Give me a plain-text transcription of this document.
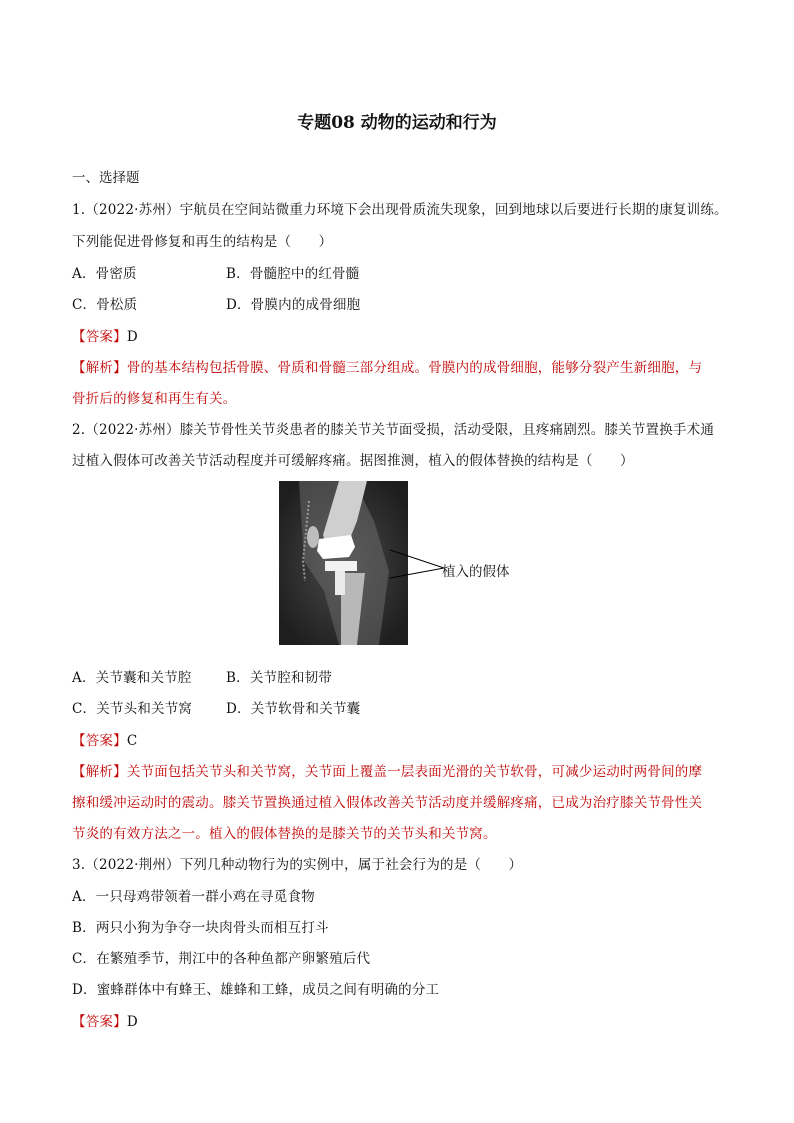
专题08 动物的运动和行为
一、选择题
1.（2022·苏州）宇航员在空间站微重力环境下会出现骨质流失现象，回到地球以后要进行长期的康复训练。
下列能促进骨修复和再生的结构是（　　）
A．骨密质	B．骨髓腔中的红骨髓
C．骨松质	D．骨膜内的成骨细胞
【答案】D
【解析】骨的基本结构包括骨膜、骨质和骨髓三部分组成。骨膜内的成骨细胞，能够分裂产生新细胞，与
骨折后的修复和再生有关。
2.（2022·苏州）膝关节骨性关节炎患者的膝关节关节面受损，活动受限，且疼痛剧烈。膝关节置换手术通
过植入假体可改善关节活动程度并可缓解疼痛。据图推测，植入的假体替换的结构是（　　）
植入的假体
A．关节囊和关节腔	B．关节腔和韧带
C．关节头和关节窝	D．关节软骨和关节囊
【答案】C
【解析】关节面包括关节头和关节窝，关节面上覆盖一层表面光滑的关节软骨，可减少运动时两骨间的摩
擦和缓冲运动时的震动。膝关节置换通过植入假体改善关节活动度并缓解疼痛，已成为治疗膝关节骨性关
节炎的有效方法之一。植入的假体替换的是膝关节的关节头和关节窝。
3.（2022·荆州）下列几种动物行为的实例中，属于社会行为的是（　　）
A．一只母鸡带领着一群小鸡在寻觅食物
B．两只小狗为争夺一块肉骨头而相互打斗
C．在繁殖季节，荆江中的各种鱼都产卵繁殖后代
D．蜜蜂群体中有蜂王、雄蜂和工蜂，成员之间有明确的分工
【答案】D
